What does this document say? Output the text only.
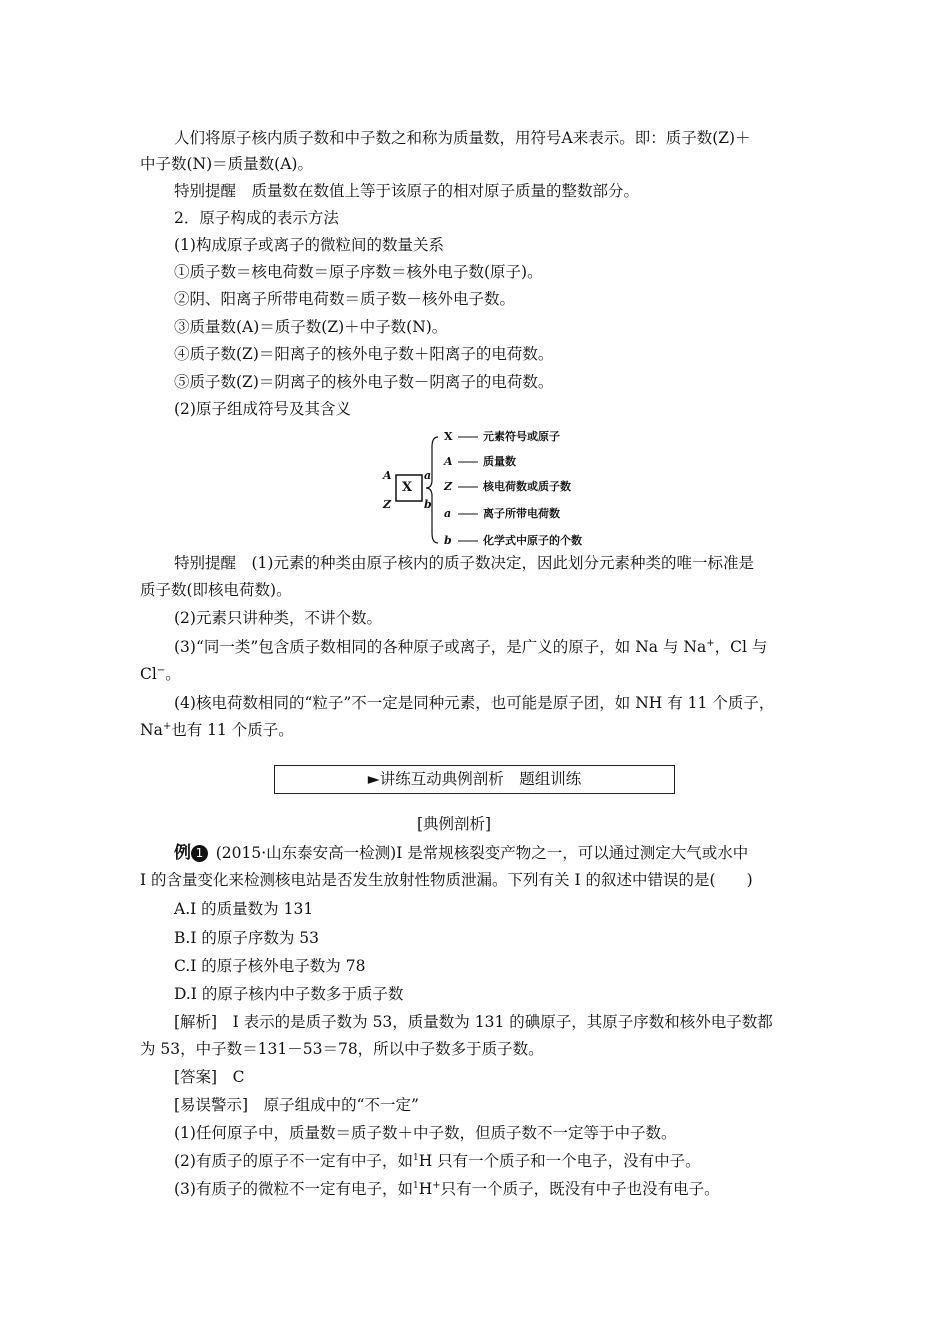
人们将原子核内质子数和中子数之和称为质量数，用符号A来表示。即：质子数(Z)＋
中子数(N)＝质量数(A)。
特别提醒　质量数在数值上等于该原子的相对原子质量的整数部分。
2．原子构成的表示方法
(1)构成原子或离子的微粒间的数量关系
①质子数＝核电荷数＝原子序数＝核外电子数(原子)。
②阴、阳离子所带电荷数＝质子数－核外电子数。
③质量数(A)＝质子数(Z)＋中子数(N)。
④质子数(Z)＝阳离子的核外电子数＋阳离子的电荷数。
⑤质子数(Z)＝阴离子的核外电子数－阴离子的电荷数。
(2)原子组成符号及其含义
X
A
Z
a
b
X	元素符号或原子
A	质量数
Z	核电荷数或质子数
a	离子所带电荷数
b	化学式中原子的个数
特别提醒　(1)元素的种类由原子核内的质子数决定，因此划分元素种类的唯一标准是
质子数(即核电荷数)。
(2)元素只讲种类，不讲个数。
(3)“同一类”包含质子数相同的各种原子或离子，是广义的原子，如 Na 与 Na+，Cl 与
Cl−。
(4)核电荷数相同的“粒子”不一定是同种元素，也可能是原子团，如 NH 有 11 个质子，
Na+也有 11 个质子。
►讲练互动典例剖析　题组训练
[典例剖析]
例 1  (2015·山东泰安高一检测)I 是常规核裂变产物之一，可以通过测定大气或水中
I 的含量变化来检测核电站是否发生放射性物质泄漏。下列有关 I 的叙述中错误的是(　　)
A.I 的质量数为 131
B.I 的原子序数为 53
C.I 的原子核外电子数为 78
D.I 的原子核内中子数多于质子数
[解析]　I 表示的是质子数为 53，质量数为 131 的碘原子，其原子序数和核外电子数都
为 53，中子数＝131－53＝78，所以中子数多于质子数。
[答案]　C
[易误警示]　原子组成中的“不一定”
(1)任何原子中，质量数＝质子数＋中子数，但质子数不一定等于中子数。
(2)有质子的原子不一定有中子，如$^1$H 只有一个质子和一个电子，没有中子。
(3)有质子的微粒不一定有电子，如$^1$H+只有一个质子，既没有中子也没有电子。
